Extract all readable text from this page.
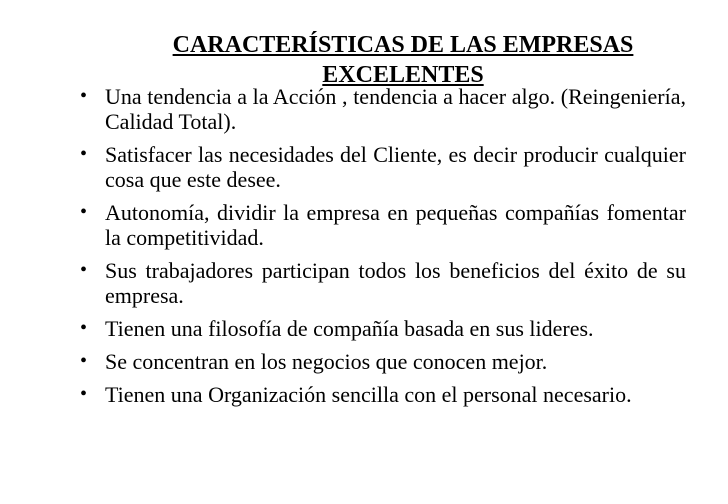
CARACTERÍSTICAS DE LAS EMPRESAS EXCELENTES
• Una tendencia a la Acción , tendencia a hacer algo. (Reingeniería, Calidad Total).
• Satisfacer las necesidades del Cliente, es decir producir cualquier cosa que este desee.
• Autonomía, dividir la empresa en pequeñas compañías fomentar la competitividad.
• Sus trabajadores participan todos los beneficios del éxito de su empresa.
• Tienen una filosofía de compañía basada en sus lideres.
• Se concentran en los negocios que conocen mejor.
• Tienen una Organización sencilla con el personal necesario.
